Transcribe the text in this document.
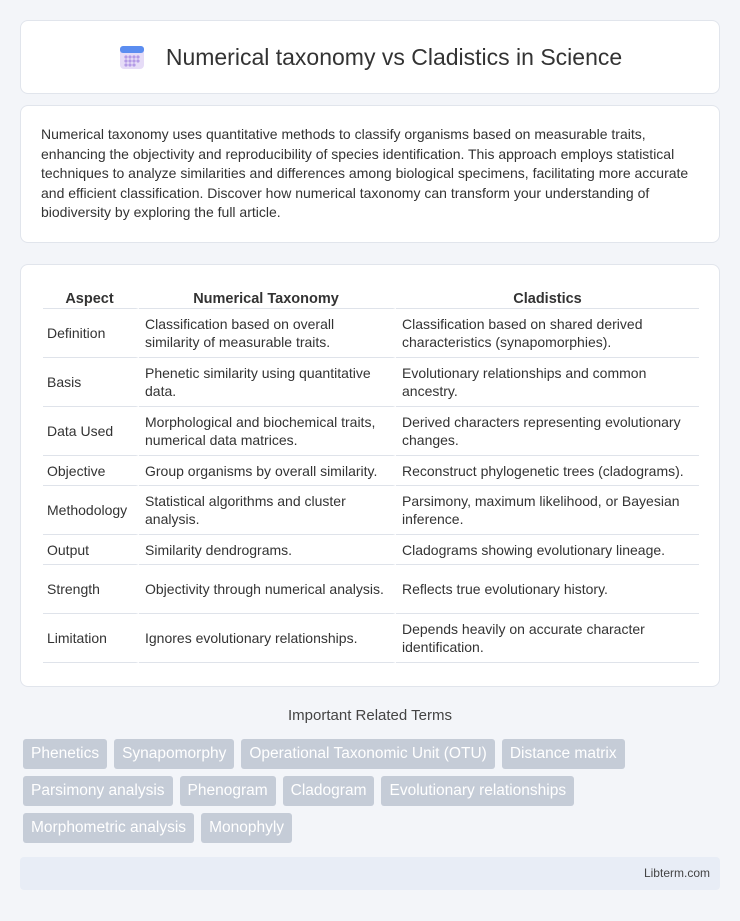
Numerical taxonomy vs Cladistics in Science

Numerical taxonomy uses quantitative methods to classify organisms based on measurable traits, enhancing the objectivity and reproducibility of species identification. This approach employs statistical techniques to analyze similarities and differences among biological specimens, facilitating more accurate and efficient classification. Discover how numerical taxonomy can transform your understanding of biodiversity by exploring the full article.

Aspect	Numerical Taxonomy	Cladistics
Definition	Classification based on overall similarity of measurable traits.	Classification based on shared derived characteristics (synapomorphies).
Basis	Phenetic similarity using quantitative data.	Evolutionary relationships and common ancestry.
Data Used	Morphological and biochemical traits, numerical data matrices.	Derived characters representing evolutionary changes.
Objective	Group organisms by overall similarity.	Reconstruct phylogenetic trees (cladograms).
Methodology	Statistical algorithms and cluster analysis.	Parsimony, maximum likelihood, or Bayesian inference.
Output	Similarity dendrograms.	Cladograms showing evolutionary lineage.
Strength	Objectivity through numerical analysis.	Reflects true evolutionary history.
Limitation	Ignores evolutionary relationships.	Depends heavily on accurate character identification.
Important Related Terms
Phenetics	Synapomorphy	Operational Taxonomic Unit (OTU)	Distance matrix
Parsimony analysis	Phenogram	Cladogram	Evolutionary relationships
Morphometric analysis	Monophyly
Libterm.com
